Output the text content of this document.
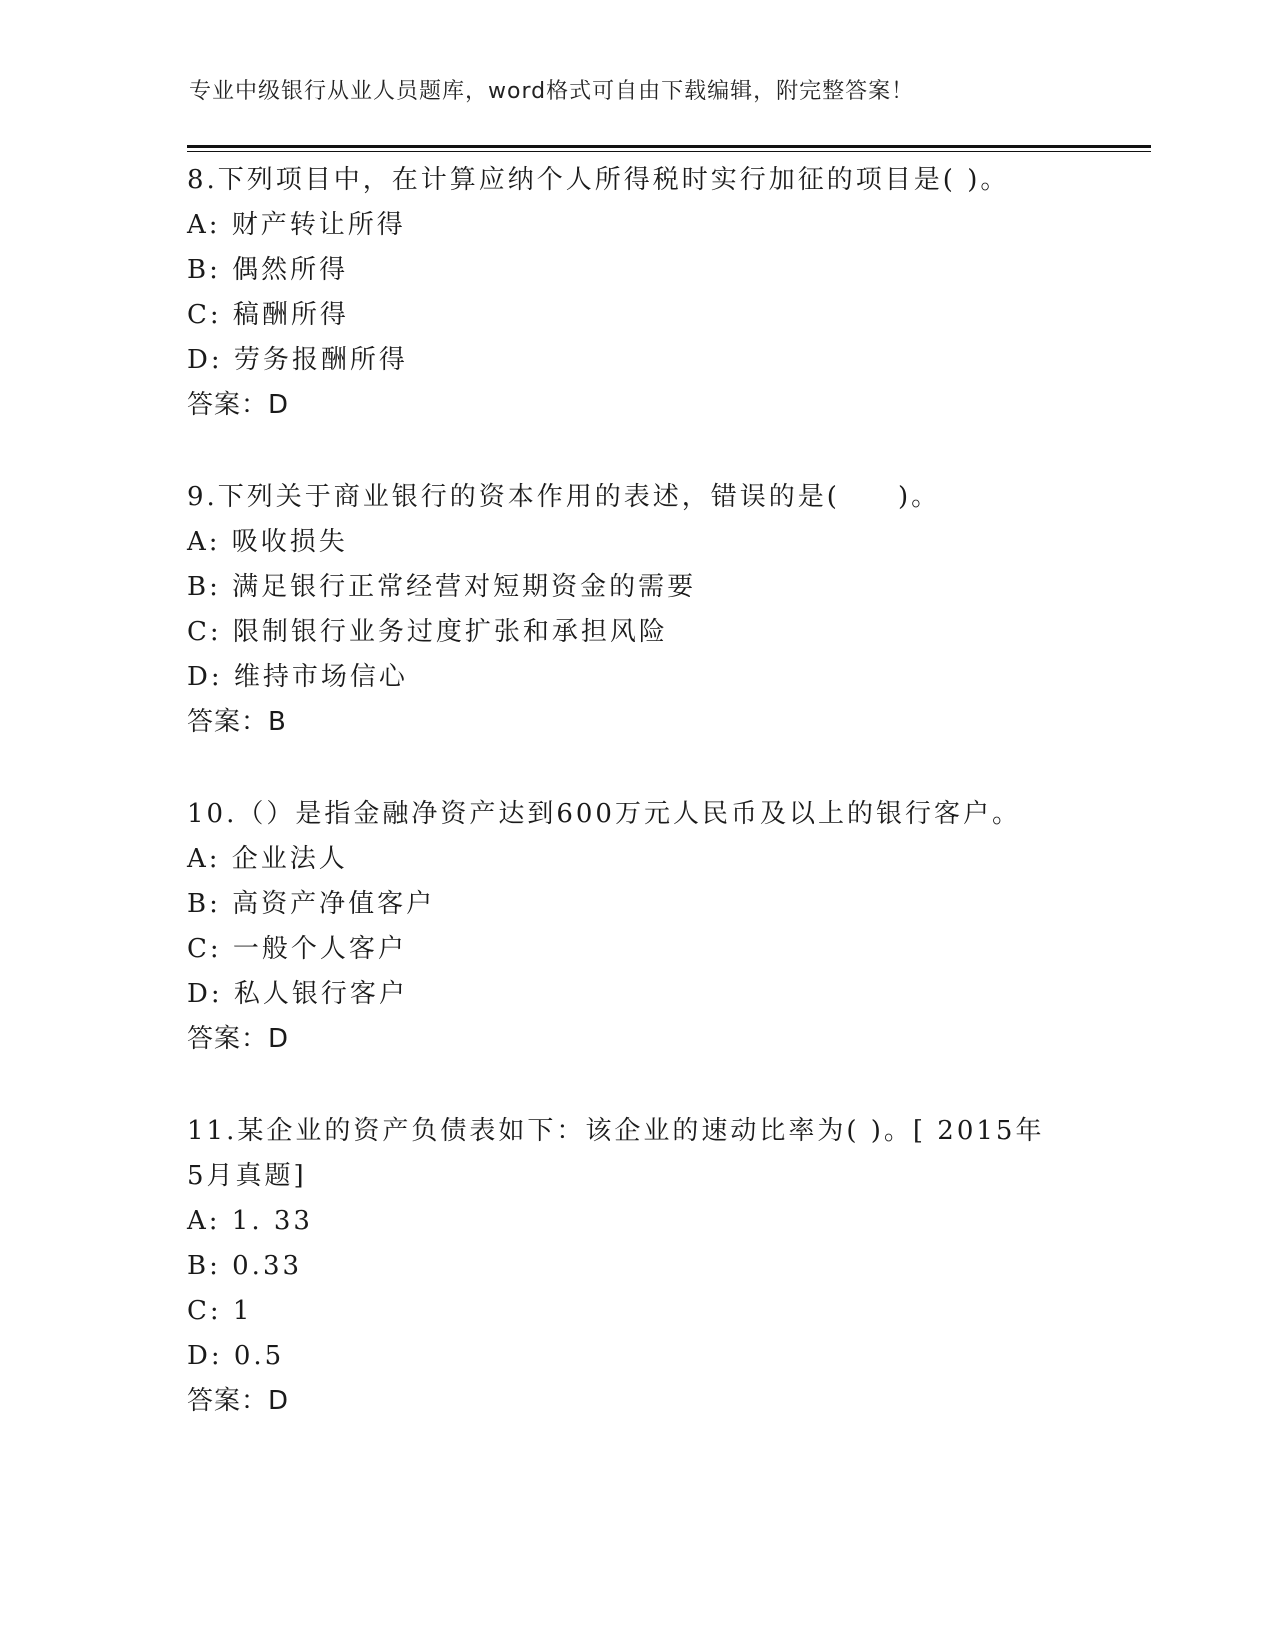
专业中级银行从业人员题库，word格式可自由下载编辑，附完整答案！

8.下列项目中，在计算应纳个人所得税时实行加征的项目是( )。

A: 财产转让所得

B: 偶然所得

C: 稿酬所得

D: 劳务报酬所得

答案：D

9.下列关于商业银行的资本作用的表述，错误的是(　　)。

A: 吸收损失

B: 满足银行正常经营对短期资金的需要

C: 限制银行业务过度扩张和承担风险

D: 维持市场信心

答案：B

10.（）是指金融净资产达到600万元人民币及以上的银行客户。

A: 企业法人

B: 高资产净值客户

C: 一般个人客户

D: 私人银行客户

答案：D

11.某企业的资产负债表如下：该企业的速动比率为( )。[ 2015年5月真题]

A: 1. 33

B: 0.33

C: 1

D: 0.5

答案：D
